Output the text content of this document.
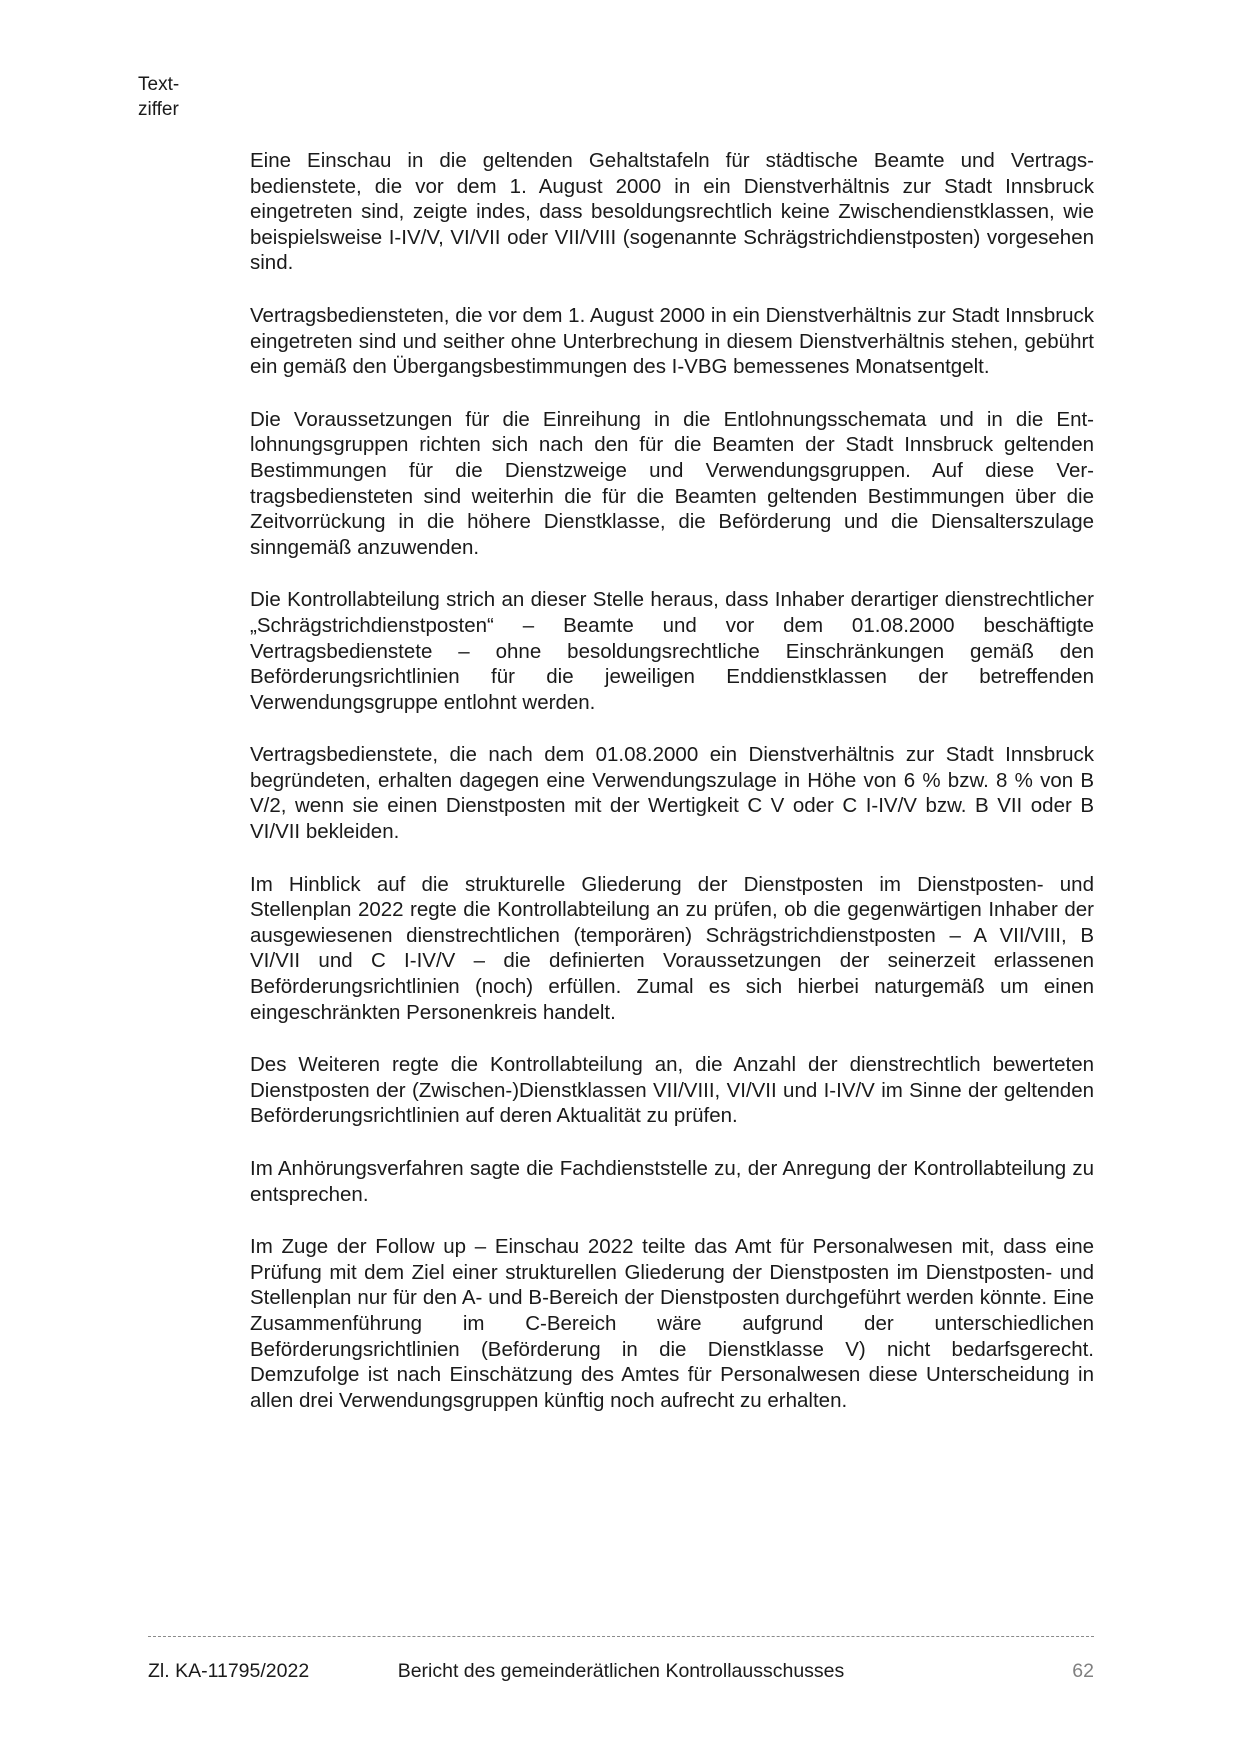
Text-
ziffer

Eine Einschau in die geltenden Gehaltstafeln für städtische Beamte und Vertragsbedienstete, die vor dem 1. August 2000 in ein Dienstverhältnis zur Stadt Innsbruck eingetreten sind, zeigte indes, dass besoldungsrechtlich keine Zwischendienstklassen, wie beispielsweise I-IV/V, VI/VII oder VII/VIII (sogenannte Schrägstrichdienstposten) vorgesehen sind.

Vertragsbediensteten, die vor dem 1. August 2000 in ein Dienstverhältnis zur Stadt Innsbruck eingetreten sind und seither ohne Unterbrechung in diesem Dienstverhältnis stehen, gebührt ein gemäß den Übergangsbestimmungen des I-VBG bemessenes Monatsentgelt.

Die Voraussetzungen für die Einreihung in die Entlohnungsschemata und in die Entlohnungsgruppen richten sich nach den für die Beamten der Stadt Innsbruck geltenden Bestimmungen für die Dienstzweige und Verwendungsgruppen. Auf diese Vertragsbediensteten sind weiterhin die für die Beamten geltenden Bestimmungen über die Zeitvorrückung in die höhere Dienstklasse, die Beförderung und die Diensalterszulage sinngemäß anzuwenden.

Die Kontrollabteilung strich an dieser Stelle heraus, dass Inhaber derartiger dienstrechtlicher „Schrägstrichdienstposten“ – Beamte und vor dem 01.08.2000 beschäftigte Vertragsbedienstete – ohne besoldungsrechtliche Einschränkungen gemäß den Beförderungsrichtlinien für die jeweiligen Enddienstklassen der betreffenden Verwendungsgruppe entlohnt werden.

Vertragsbedienstete, die nach dem 01.08.2000 ein Dienstverhältnis zur Stadt Innsbruck begründeten, erhalten dagegen eine Verwendungszulage in Höhe von 6 % bzw. 8 % von B V/2, wenn sie einen Dienstposten mit der Wertigkeit C V oder C I-IV/V bzw. B VII oder B VI/VII bekleiden.

Im Hinblick auf die strukturelle Gliederung der Dienstposten im Dienstposten- und Stellenplan 2022 regte die Kontrollabteilung an zu prüfen, ob die gegenwärtigen Inhaber der ausgewiesenen dienstrechtlichen (temporären) Schrägstrichdienstposten – A VII/VIII, B VI/VII und C I-IV/V – die definierten Voraussetzungen der seinerzeit erlassenen Beförderungsrichtlinien (noch) erfüllen. Zumal es sich hierbei naturgemäß um einen eingeschränkten Personenkreis handelt.

Des Weiteren regte die Kontrollabteilung an, die Anzahl der dienstrechtlich bewerteten Dienstposten der (Zwischen-)Dienstklassen VII/VIII, VI/VII und I-IV/V im Sinne der geltenden Beförderungsrichtlinien auf deren Aktualität zu prüfen.

Im Anhörungsverfahren sagte die Fachdienststelle zu, der Anregung der Kontrollabteilung zu entsprechen.

Im Zuge der Follow up – Einschau 2022 teilte das Amt für Personalwesen mit, dass eine Prüfung mit dem Ziel einer strukturellen Gliederung der Dienstposten im Dienstposten- und Stellenplan nur für den A- und B-Bereich der Dienstposten durchgeführt werden könnte. Eine Zusammenführung im C-Bereich wäre aufgrund der unterschiedlichen Beförderungsrichtlinien (Beförderung in die Dienstklasse V) nicht bedarfsgerecht. Demzufolge ist nach Einschätzung des Amtes für Personalwesen diese Unterscheidung in allen drei Verwendungsgruppen künftig noch aufrecht zu erhalten.

Zl. KA-11795/2022	Bericht des gemeinderätlichen Kontrollausschusses	62
